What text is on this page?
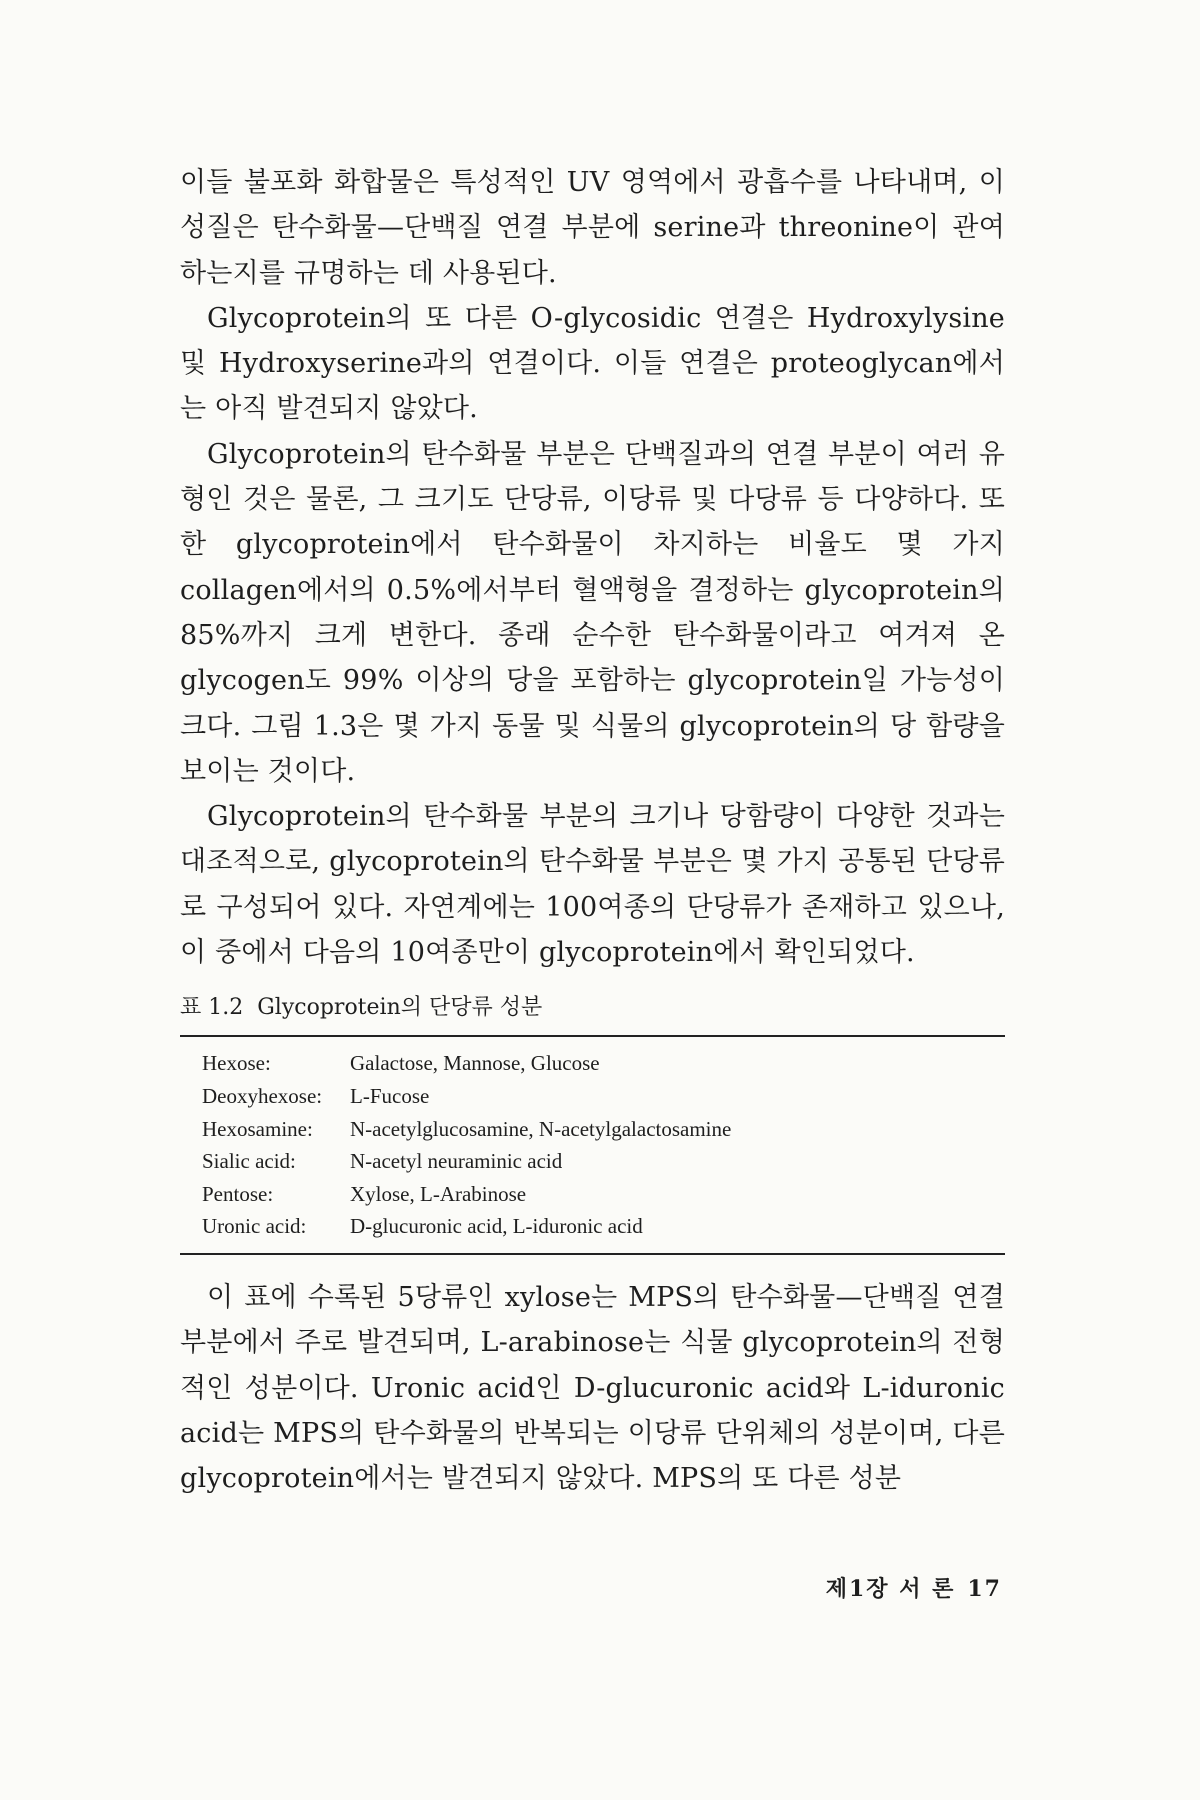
이들 불포화 화합물은 특성적인 UV 영역에서 광흡수를 나타내며, 이 성질은 탄수화물—단백질 연결 부분에 serine과 threonine이 관여하는지를 규명하는 데 사용된다.

Glycoprotein의 또 다른 O-glycosidic 연결은 Hydroxylysine 및 Hydroxyserine과의 연결이다. 이들 연결은 proteoglycan에서는 아직 발견되지 않았다.

Glycoprotein의 탄수화물 부분은 단백질과의 연결 부분이 여러 유형인 것은 물론, 그 크기도 단당류, 이당류 및 다당류 등 다양하다. 또한 glycoprotein에서 탄수화물이 차지하는 비율도 몇 가지 collagen에서의 0.5%에서부터 혈액형을 결정하는 glycoprotein의 85%까지 크게 변한다. 종래 순수한 탄수화물이라고 여겨져 온 glycogen도 99% 이상의 당을 포함하는 glycoprotein일 가능성이 크다. 그림 1.3은 몇 가지 동물 및 식물의 glycoprotein의 당 함량을 보이는 것이다.

Glycoprotein의 탄수화물 부분의 크기나 당함량이 다양한 것과는 대조적으로, glycoprotein의 탄수화물 부분은 몇 가지 공통된 단당류로 구성되어 있다. 자연계에는 100여종의 단당류가 존재하고 있으나, 이 중에서 다음의 10여종만이 glycoprotein에서 확인되었다.

표 1.2 Glycoprotein의 단당류 성분
Hexose:	Galactose, Mannose, Glucose
Deoxyhexose:	L-Fucose
Hexosamine:	N-acetylglucosamine, N-acetylgalactosamine
Sialic acid:	N-acetyl neuraminic acid
Pentose:	Xylose, L-Arabinose
Uronic acid:	D-glucuronic acid, L-iduronic acid

이 표에 수록된 5당류인 xylose는 MPS의 탄수화물—단백질 연결 부분에서 주로 발견되며, L-arabinose는 식물 glycoprotein의 전형적인 성분이다. Uronic acid인 D-glucuronic acid와 L-iduronic acid는 MPS의 탄수화물의 반복되는 이당류 단위체의 성분이며, 다른 glycoprotein에서는 발견되지 않았다. MPS의 또 다른 성분

제1장 서 론 17
